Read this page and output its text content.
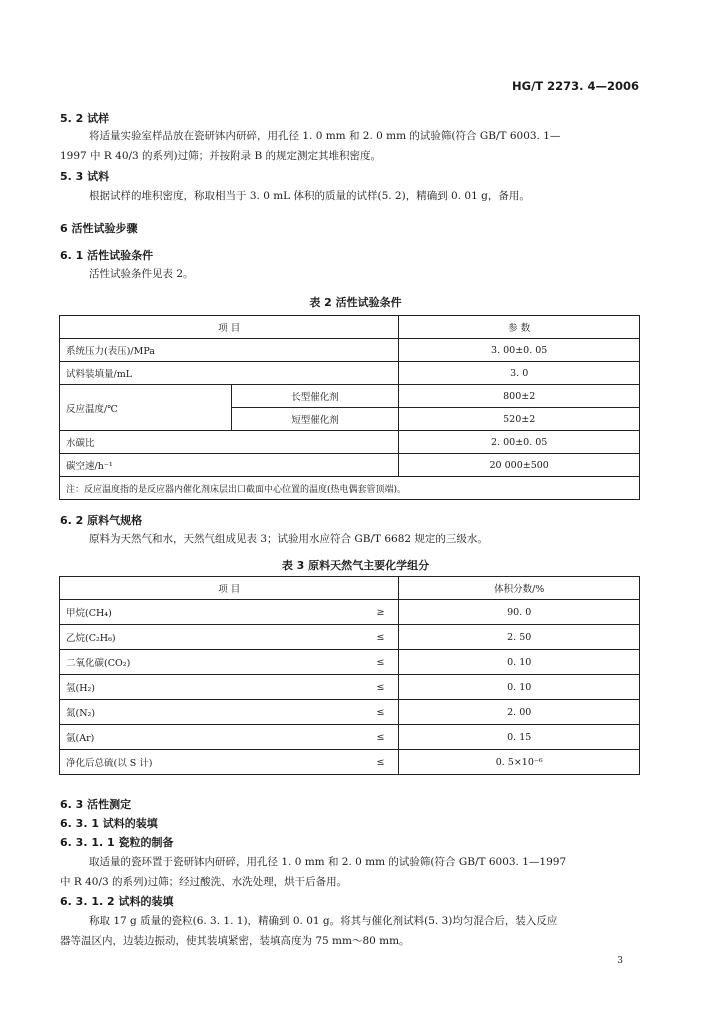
HG/T 2273. 4—2006
5. 2 试样
将适量实验室样品放在瓷研钵内研碎，用孔径 1. 0 mm 和 2. 0 mm 的试验筛(符合 GB/T 6003. 1—
1997 中 R 40/3 的系列)过筛；并按附录 B 的规定测定其堆积密度。
5. 3 试料
根据试样的堆积密度，称取相当于 3. 0 mL 体积的质量的试样(5. 2)，精确到 0. 01 g，备用。
6 活性试验步骤
6. 1 活性试验条件
活性试验条件见表 2。
表 2 活性试验条件
项 目		参 数
系统压力(表压)/MPa		3. 00±0. 05
试料装填量/mL		3. 0
反应温度/℃	长型催化剂	800±2
	短型催化剂	520±2
水碳比		2. 00±0. 05
碳空速/h⁻¹		20 000±500
注：反应温度指的是反应器内催化剂床层出口截面中心位置的温度(热电偶套管顶端)。		
6. 2 原料气规格
原料为天然气和水，天然气组成见表 3；试验用水应符合 GB/T 6682 规定的三级水。
表 3 原料天然气主要化学组分
项 目		体积分数/%
甲烷(CH₄)	≥	90. 0
乙烷(C₂H₆)	≤	2. 50
二氧化碳(CO₂)	≤	0. 10
氢(H₂)	≤	0. 10
氮(N₂)	≤	2. 00
氩(Ar)	≤	0. 15
净化后总硫(以 S 计)	≤	0. 5×10⁻⁶
6. 3 活性测定
6. 3. 1 试料的装填
6. 3. 1. 1 瓷粒的制备
取适量的瓷环置于瓷研钵内研碎，用孔径 1. 0 mm 和 2. 0 mm 的试验筛(符合 GB/T 6003. 1—1997
中 R 40/3 的系列)过筛；经过酸洗、水洗处理，烘干后备用。
6. 3. 1. 2 试料的装填
称取 17 g 质量的瓷粒(6. 3. 1. 1)，精确到 0. 01 g。将其与催化剂试料(5. 3)均匀混合后，装入反应
器等温区内，边装边振动，使其装填紧密，装填高度为 75 mm～80 mm。
3
